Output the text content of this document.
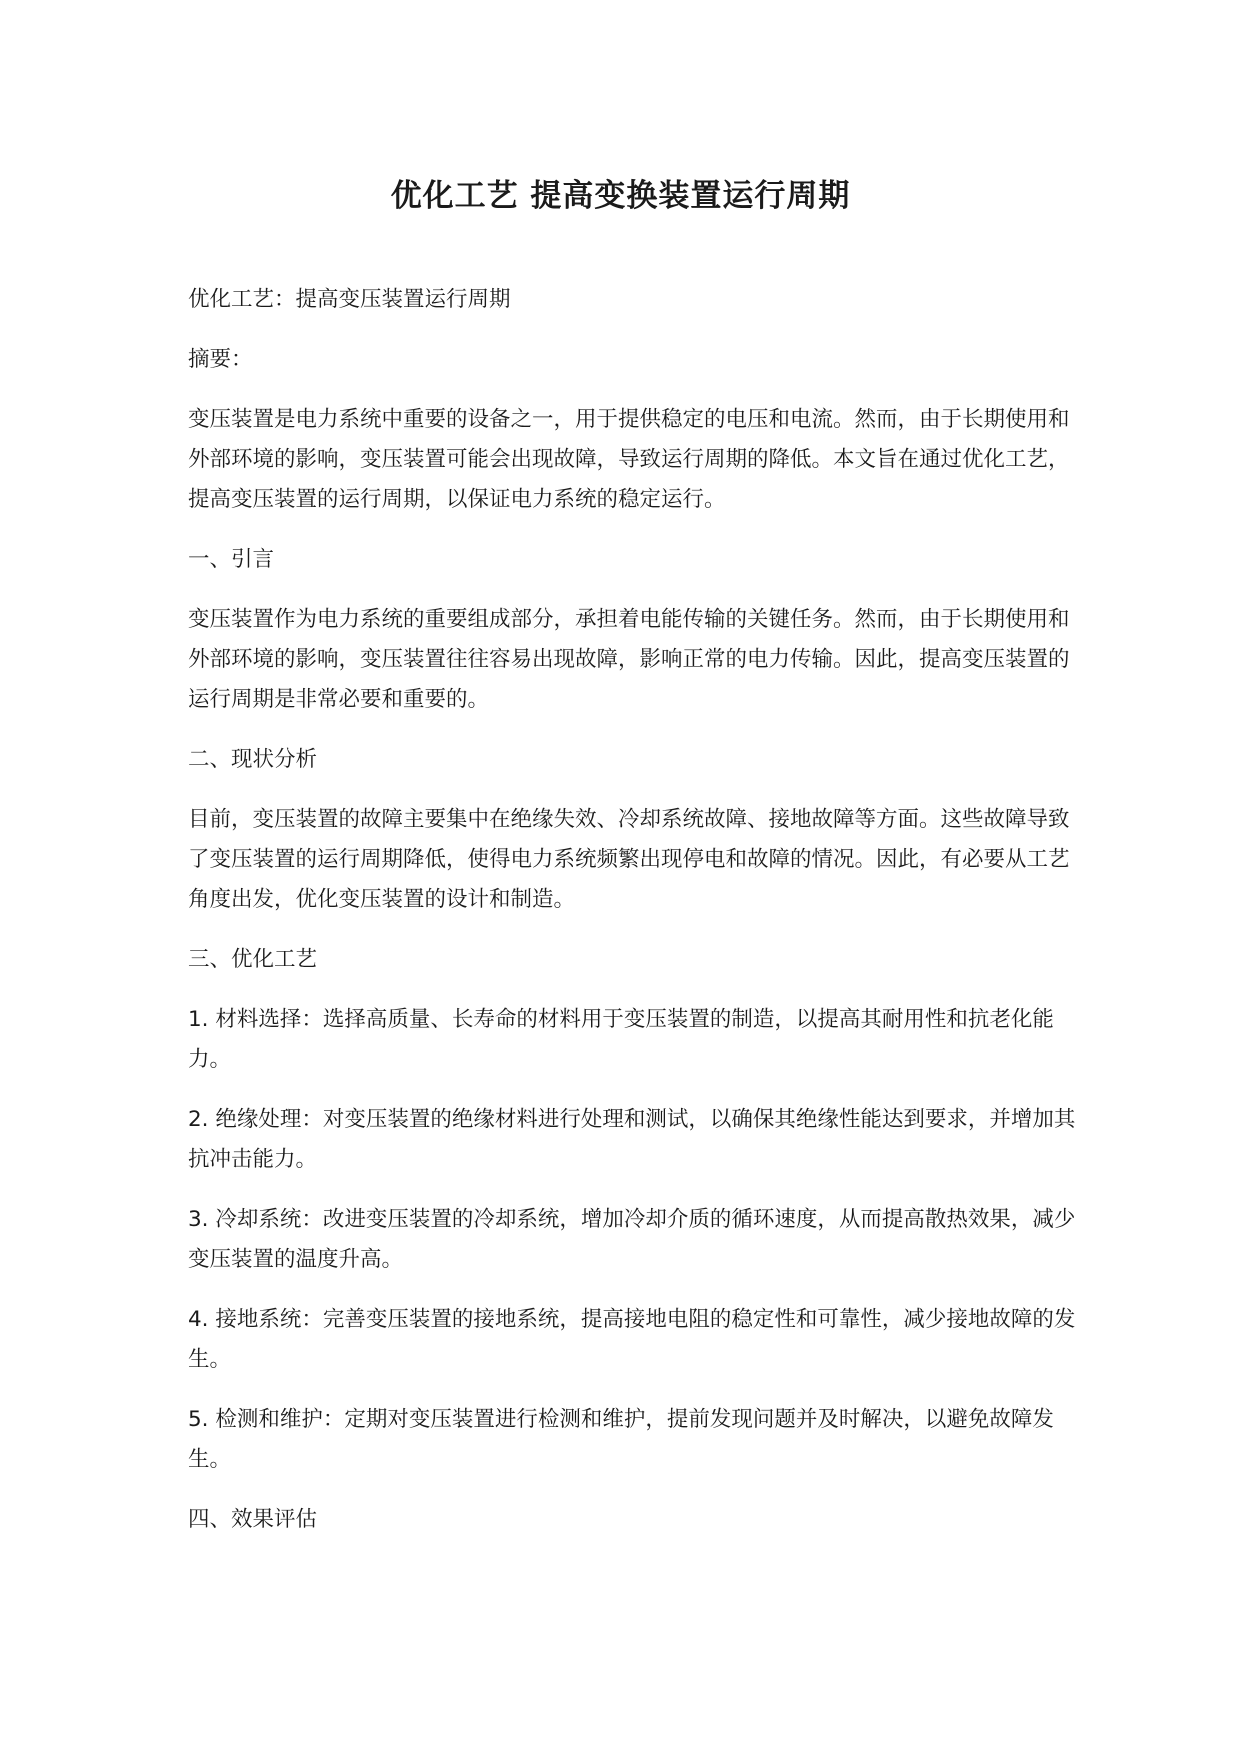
优化工艺 提高变换装置运行周期

优化工艺：提高变压装置运行周期

摘要：

变压装置是电力系统中重要的设备之一，用于提供稳定的电压和电流。然而，由于长期使用和外部环境的影响，变压装置可能会出现故障，导致运行周期的降低。本文旨在通过优化工艺，提高变压装置的运行周期，以保证电力系统的稳定运行。

一、引言

变压装置作为电力系统的重要组成部分，承担着电能传输的关键任务。然而，由于长期使用和外部环境的影响，变压装置往往容易出现故障，影响正常的电力传输。因此，提高变压装置的运行周期是非常必要和重要的。

二、现状分析

目前，变压装置的故障主要集中在绝缘失效、冷却系统故障、接地故障等方面。这些故障导致了变压装置的运行周期降低，使得电力系统频繁出现停电和故障的情况。因此，有必要从工艺角度出发，优化变压装置的设计和制造。

三、优化工艺

1. 材料选择：选择高质量、长寿命的材料用于变压装置的制造，以提高其耐用性和抗老化能力。

2. 绝缘处理：对变压装置的绝缘材料进行处理和测试，以确保其绝缘性能达到要求，并增加其抗冲击能力。

3. 冷却系统：改进变压装置的冷却系统，增加冷却介质的循环速度，从而提高散热效果，减少变压装置的温度升高。

4. 接地系统：完善变压装置的接地系统，提高接地电阻的稳定性和可靠性，减少接地故障的发生。

5. 检测和维护：定期对变压装置进行检测和维护，提前发现问题并及时解决，以避免故障发生。

四、效果评估
